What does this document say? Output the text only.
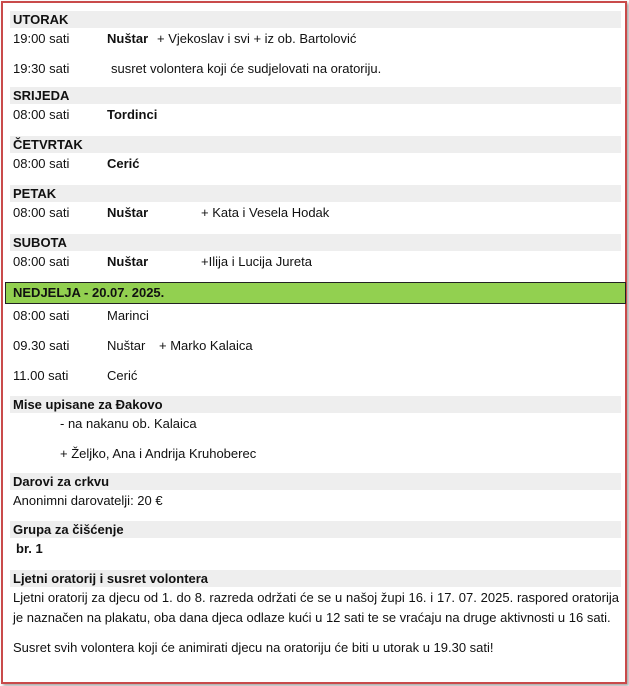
UTORAK
19:00 sati	Nuštar + Vjekoslav i svi + iz ob. Bartolović
19:30 sati	susret volontera koji će sudjelovati na oratoriju.
SRIJEDA
08:00 sati	Tordinci
ČETVRTAK
08:00 sati	Cerić
PETAK
08:00 sati	Nuštar	+ Kata i Vesela Hodak
SUBOTA
08:00 sati	Nuštar	+Ilija i Lucija Jureta
NEDJELJA - 20.07. 2025.
08:00 sati	Marinci
09.30 sati	Nuštar + Marko Kalaica
11.00 sati	Cerić
Mise upisane za Đakovo
- na nakanu ob. Kalaica
+ Željko, Ana i Andrija Kruhoberec
Darovi za crkvu
Anonimni darovatelji: 20 €
Grupa za čišćenje
br. 1
Ljetni oratorij i susret volontera
Ljetni oratorij za djecu od 1. do 8. razreda održati će se u našoj župi 16. i 17. 07. 2025. raspored oratorija je naznačen na plakatu, oba dana djeca odlaze kući u 12 sati te se vraćaju na druge aktivnosti u 16 sati.
Susret svih volontera koji će animirati djecu na oratoriju će biti u utorak u 19.30 sati!
